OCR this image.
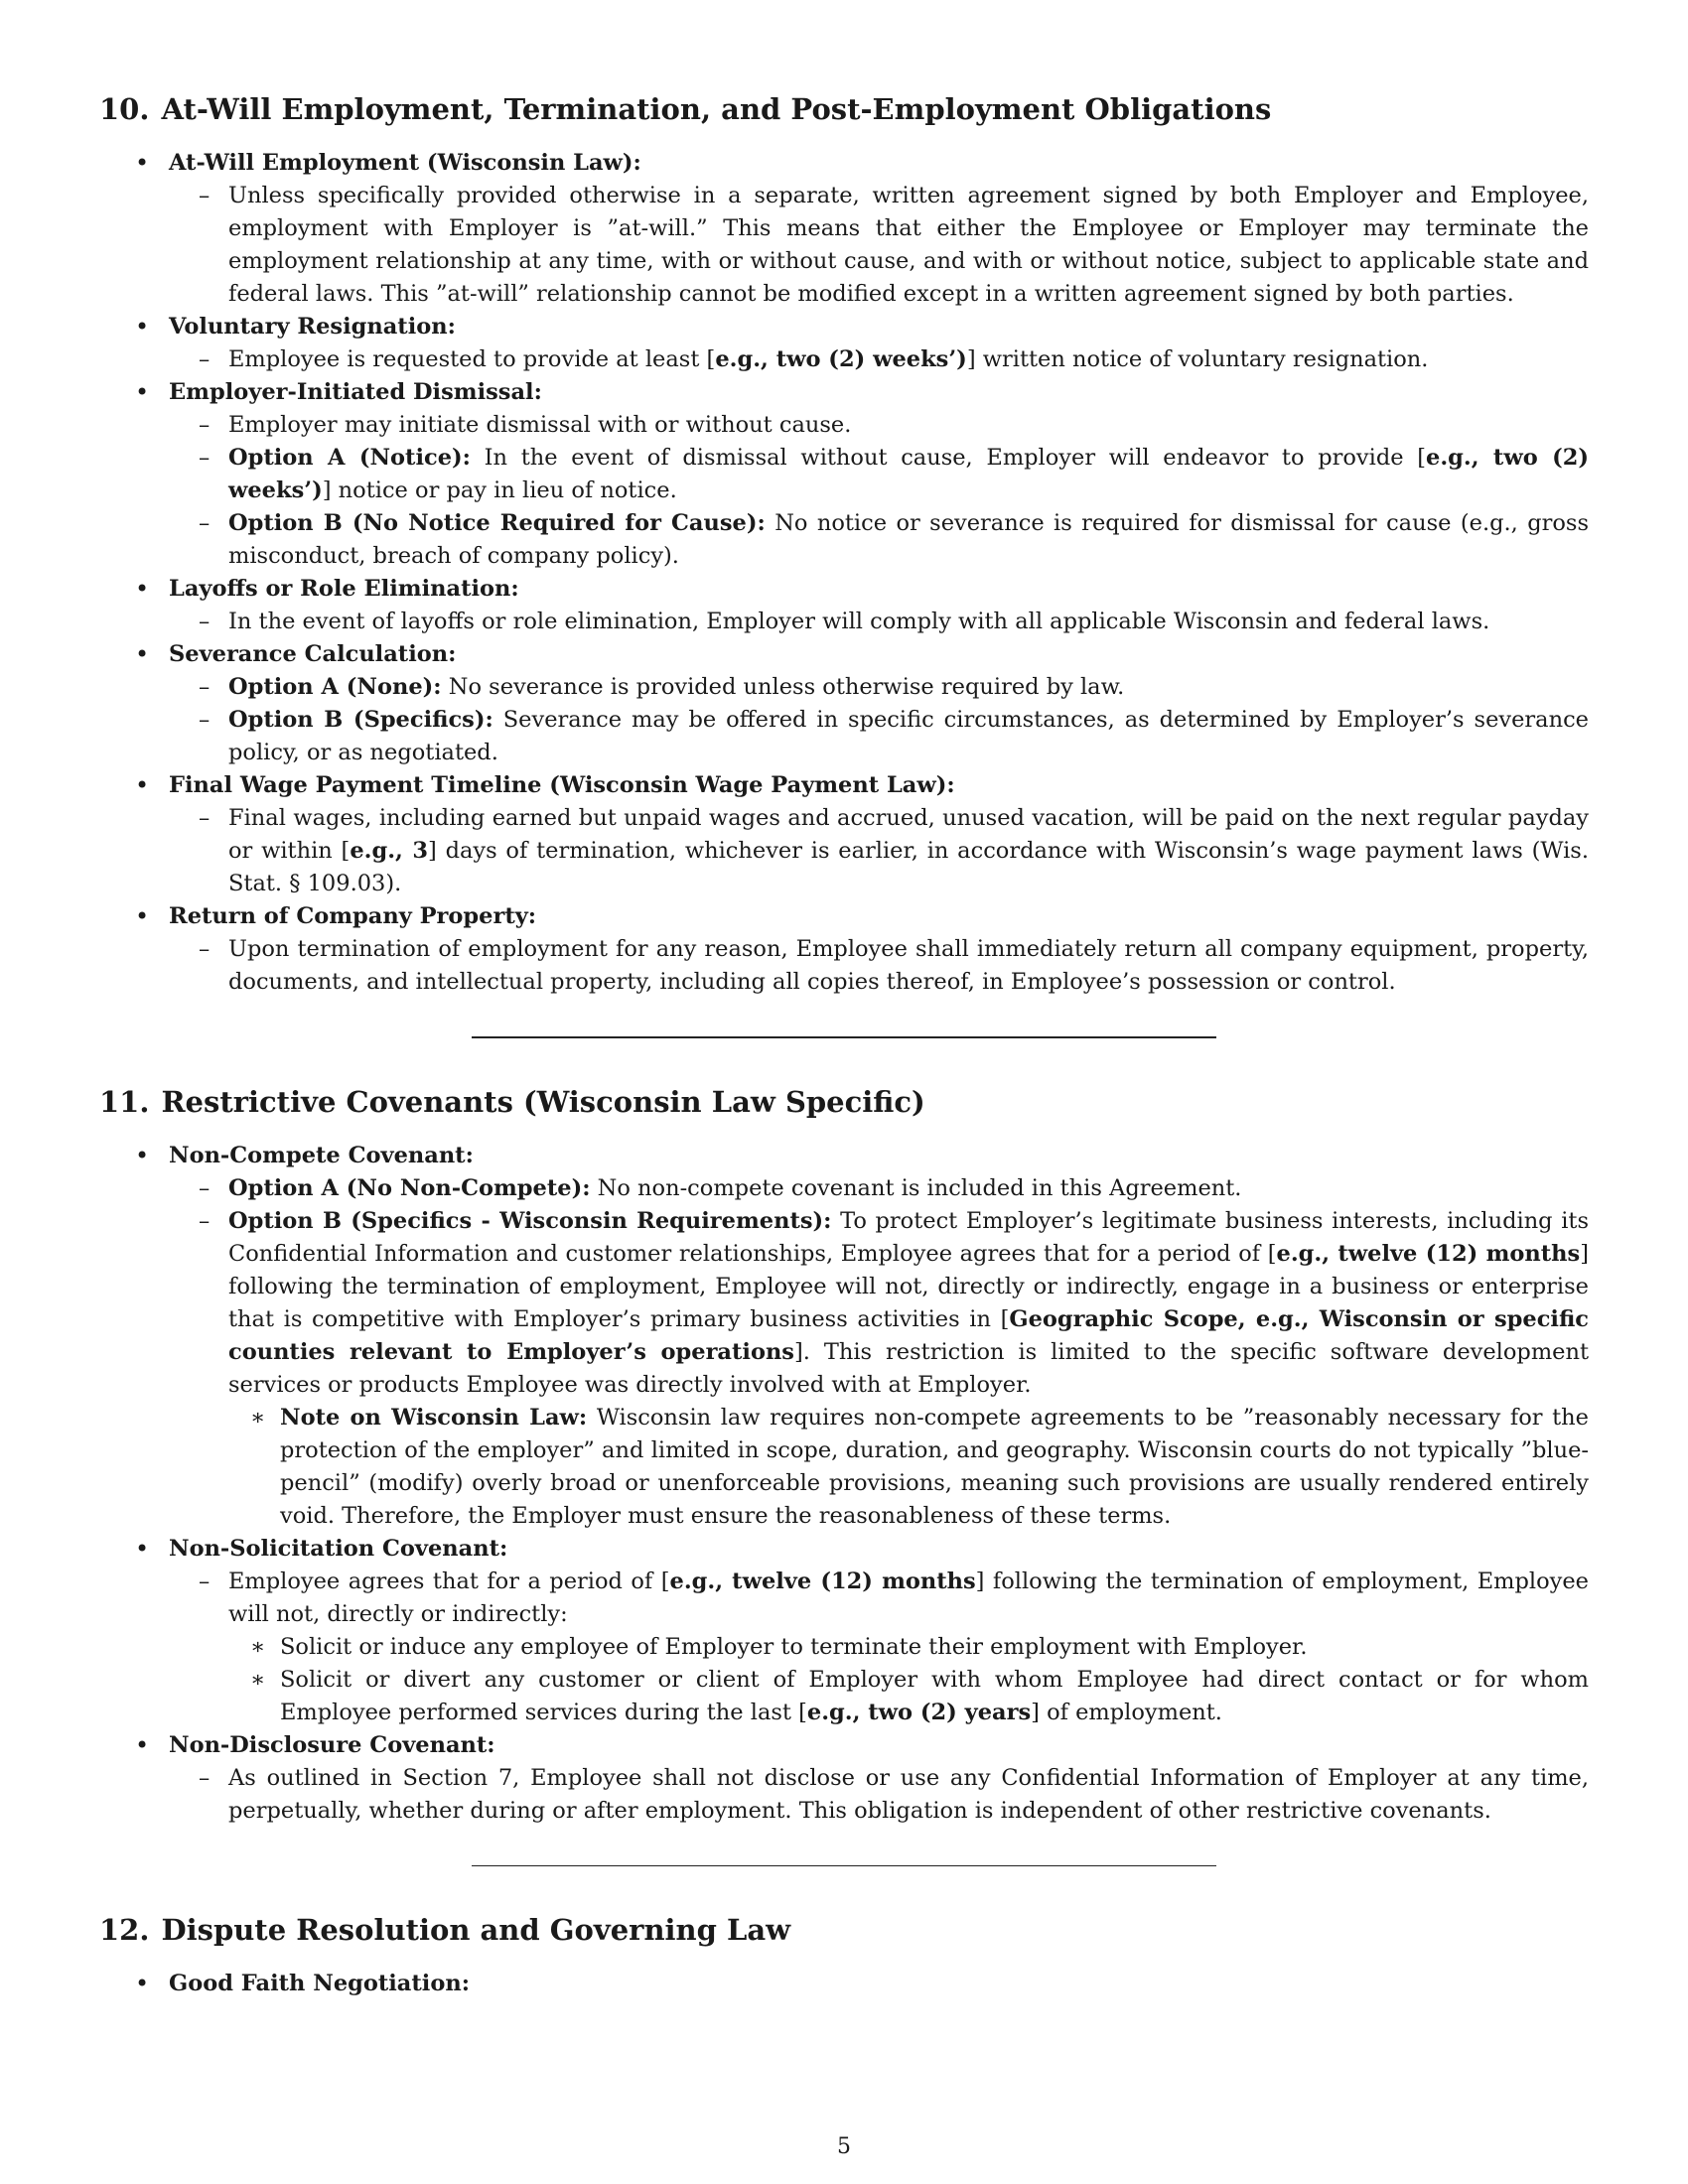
10. At-Will Employment, Termination, and Post-Employment Obligations
• At-Will Employment (Wisconsin Law):
– Unless specifically provided otherwise in a separate, written agreement signed by both Employer and Employee, employment with Employer is ”at-will.” This means that either the Employee or Employer may terminate the employment relationship at any time, with or without cause, and with or without notice, subject to applicable state and federal laws. This ”at-will” relationship cannot be modified except in a written agreement signed by both parties.
• Voluntary Resignation:
– Employee is requested to provide at least [e.g., two (2) weeks’)] written notice of voluntary resignation.
• Employer-Initiated Dismissal:
– Employer may initiate dismissal with or without cause.
– Option A (Notice): In the event of dismissal without cause, Employer will endeavor to provide [e.g., two (2) weeks’)] notice or pay in lieu of notice.
– Option B (No Notice Required for Cause): No notice or severance is required for dismissal for cause (e.g., gross misconduct, breach of company policy).
• Layoffs or Role Elimination:
– In the event of layoffs or role elimination, Employer will comply with all applicable Wisconsin and federal laws.
• Severance Calculation:
– Option A (None): No severance is provided unless otherwise required by law.
– Option B (Specifics): Severance may be offered in specific circumstances, as determined by Employer’s severance policy, or as negotiated.
• Final Wage Payment Timeline (Wisconsin Wage Payment Law):
– Final wages, including earned but unpaid wages and accrued, unused vacation, will be paid on the next regular payday or within [e.g., 3] days of termination, whichever is earlier, in accordance with Wisconsin’s wage payment laws (Wis. Stat. § 109.03).
• Return of Company Property:
– Upon termination of employment for any reason, Employee shall immediately return all company equipment, property, documents, and intellectual property, including all copies thereof, in Employee’s possession or control.
11. Restrictive Covenants (Wisconsin Law Specific)
• Non-Compete Covenant:
– Option A (No Non-Compete): No non-compete covenant is included in this Agreement.
– Option B (Specifics - Wisconsin Requirements): To protect Employer’s legitimate business interests, including its Confidential Information and customer relationships, Employee agrees that for a period of [e.g., twelve (12) months] following the termination of employment, Employee will not, directly or indirectly, engage in a business or enterprise that is competitive with Employer’s primary business activities in [Geographic Scope, e.g., Wisconsin or specific counties relevant to Employer’s operations]. This restriction is limited to the specific software development services or products Employee was directly involved with at Employer.
∗ Note on Wisconsin Law: Wisconsin law requires non-compete agreements to be ”reasonably necessary for the protection of the employer” and limited in scope, duration, and geography. Wisconsin courts do not typically ”blue-pencil” (modify) overly broad or unenforceable provisions, meaning such provisions are usually rendered entirely void. Therefore, the Employer must ensure the reasonableness of these terms.
• Non-Solicitation Covenant:
– Employee agrees that for a period of [e.g., twelve (12) months] following the termination of employment, Employee will not, directly or indirectly:
∗ Solicit or induce any employee of Employer to terminate their employment with Employer.
∗ Solicit or divert any customer or client of Employer with whom Employee had direct contact or for whom Employee performed services during the last [e.g., two (2) years] of employment.
• Non-Disclosure Covenant:
– As outlined in Section 7, Employee shall not disclose or use any Confidential Information of Employer at any time, perpetually, whether during or after employment. This obligation is independent of other restrictive covenants.
12. Dispute Resolution and Governing Law
• Good Faith Negotiation:
5
